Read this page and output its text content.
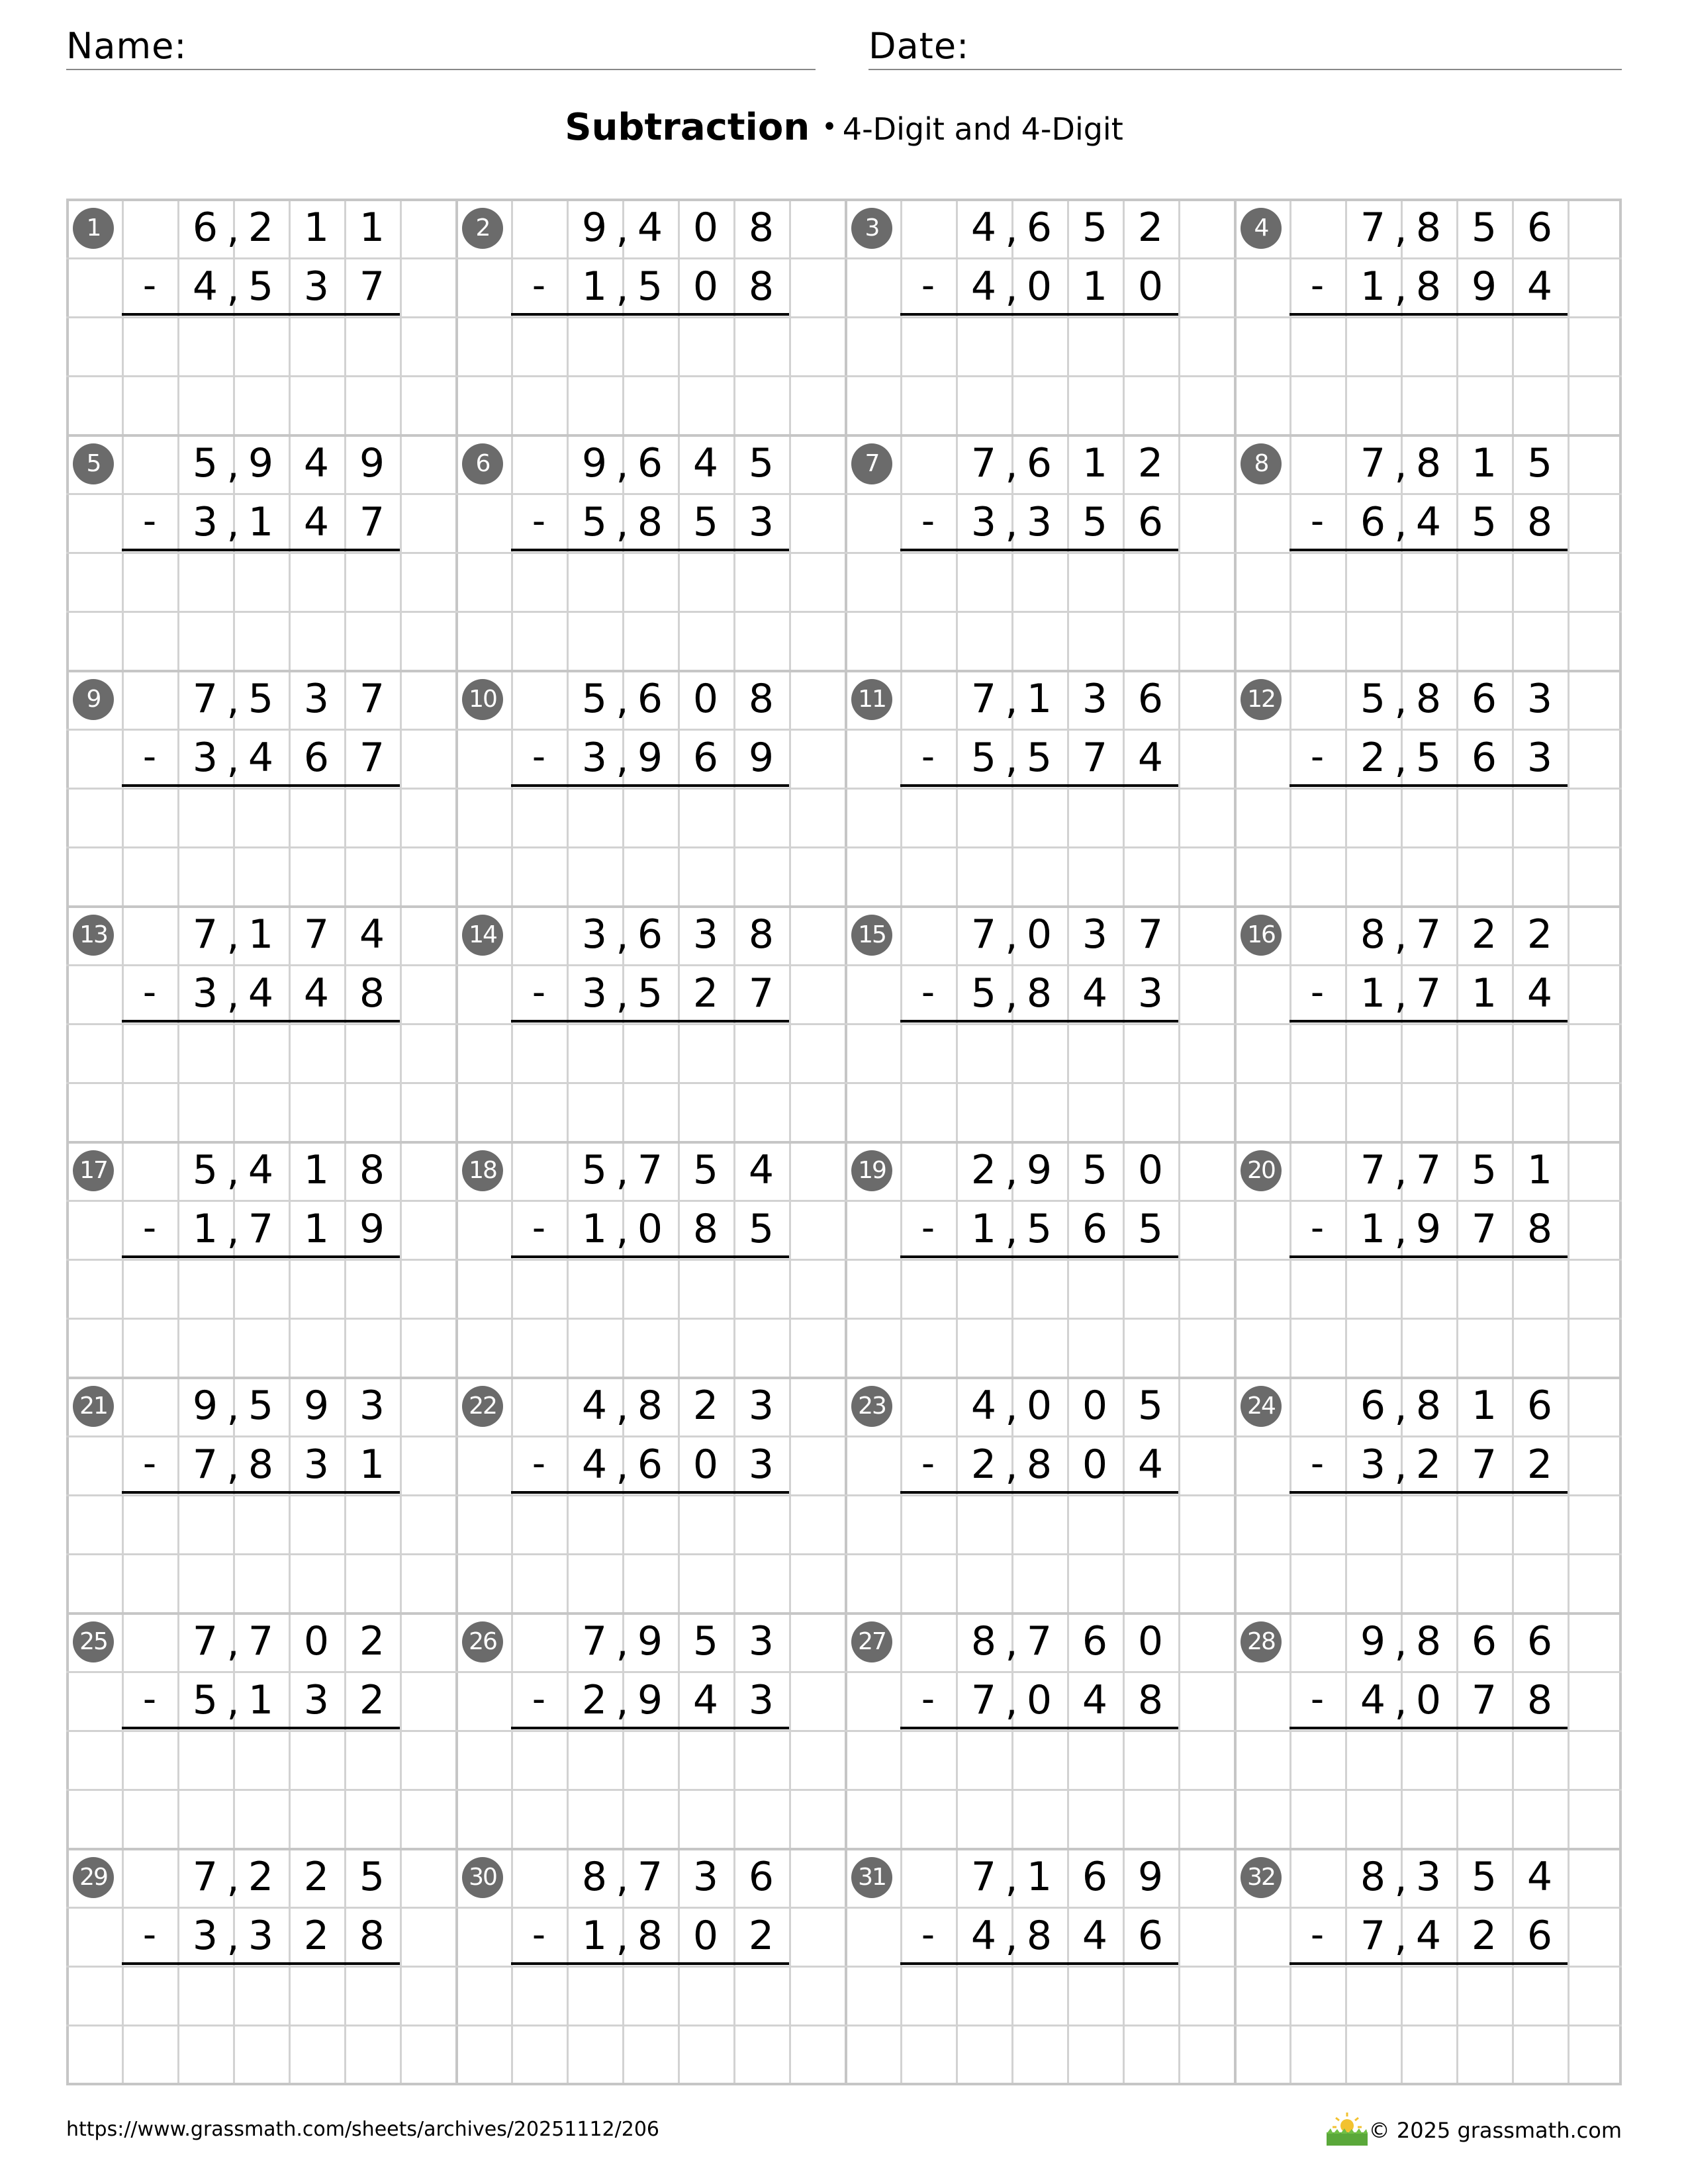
Name:	Date:
Subtraction • 4-Digit and 4-Digit
1	6 2 1 1
,
- 4 5 3 7
,
2	9 4 0 8
,
- 1 5 0 8
,
3	4 6 5 2
,
- 4 0 1 0
,
4	7 8 5 6
,
- 1 8 9 4
,
5	5 9 4 9
,
- 3 1 4 7
,
6	9 6 4 5
,
- 5 8 5 3
,
7	7 6 1 2
,
- 3 3 5 6
,
8	7 8 1 5
,
- 6 4 5 8
,
9	7 5 3 7
,
- 3 4 6 7
,
10	5 6 0 8
,
- 3 9 6 9
,
11	7 1 3 6
,
- 5 5 7 4
,
12	5 8 6 3
,
- 2 5 6 3
,
13	7 1 7 4
,
- 3 4 4 8
,
14	3 6 3 8
,
- 3 5 2 7
,
15	7 0 3 7
,
- 5 8 4 3
,
16	8 7 2 2
,
- 1 7 1 4
,
17	5 4 1 8
,
- 1 7 1 9
,
18	5 7 5 4
,
- 1 0 8 5
,
19	2 9 5 0
,
- 1 5 6 5
,
20	7 7 5 1
,
- 1 9 7 8
,
21	9 5 9 3
,
- 7 8 3 1
,
22	4 8 2 3
,
- 4 6 0 3
,
23	4 0 0 5
,
- 2 8 0 4
,
24	6 8 1 6
,
- 3 2 7 2
,
25	7 7 0 2
,
- 5 1 3 2
,
26	7 9 5 3
,
- 2 9 4 3
,
27	8 7 6 0
,
- 7 0 4 8
,
28	9 8 6 6
,
- 4 0 7 8
,
29	7 2 2 5
,
- 3 3 2 8
,
30	8 7 3 6
,
- 1 8 0 2
,
31	7 1 6 9
,
- 4 8 4 6
,
32	8 3 5 4
,
- 7 4 2 6
,
https://www.grassmath.com/sheets/archives/20251112/206	© 2025 grassmath.com
